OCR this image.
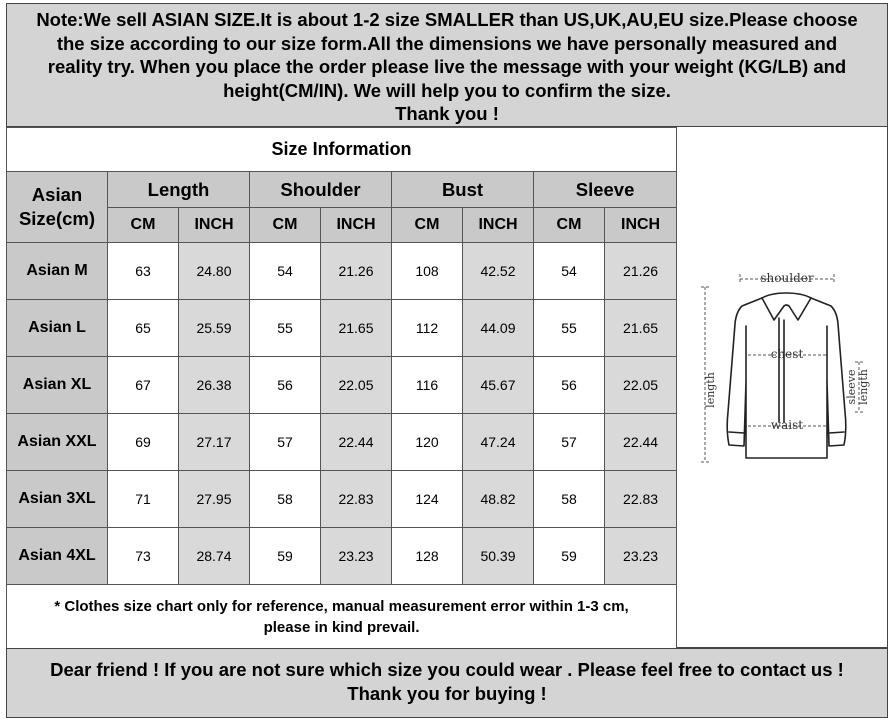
Note:We sell ASIAN SIZE.It is about 1-2 size SMALLER than US,UK,AU,EU size.Please choose
the size according to our size form.All the dimensions we have personally measured and
reality try. When you place the order please live the message with your weight (KG/LB) and
height(CM/IN). We will help you to confirm the size.
Thank you !
Size Information								
Asian
Size(cm)	Length		Shoulder		Bust		Sleeve	
	CM	INCH	CM	INCH	CM	INCH	CM	INCH
Asian M	63	24.80	54	21.26	108	42.52	54	21.26
Asian L	65	25.59	55	21.65	112	44.09	55	21.65
Asian XL	67	26.38	56	22.05	116	45.67	56	22.05
Asian XXL	69	27.17	57	22.44	120	47.24	57	22.44
Asian 3XL	71	27.95	58	22.83	124	48.82	58	22.83
Asian 4XL	73	28.74	59	23.23	128	50.39	59	23.23
* Clothes size chart only for reference, manual measurement error within 1-3 cm,
please in kind prevail.								
shoulder
chest
waist
length	sleevelength
Dear friend ! If you are not sure which size you could wear . Please feel free to contact us !
Thank you for buying !
